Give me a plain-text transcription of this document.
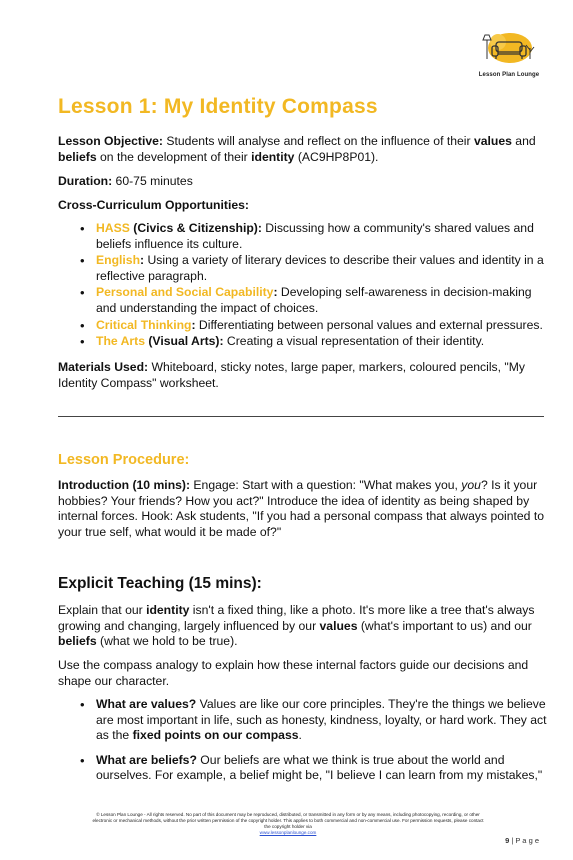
Lesson Plan Lounge
Lesson 1: My Identity Compass
Lesson Objective: Students will analyse and reflect on the influence of their values and beliefs on the development of their identity (AC9HP8P01).
Duration: 60-75 minutes
Cross-Curriculum Opportunities:
• HASS (Civics & Citizenship): Discussing how a community's shared values and beliefs influence its culture.
• English: Using a variety of literary devices to describe their values and identity in a reflective paragraph.
• Personal and Social Capability: Developing self-awareness in decision-making and understanding the impact of choices.
• Critical Thinking: Differentiating between personal values and external pressures.
• The Arts (Visual Arts): Creating a visual representation of their identity.
Materials Used: Whiteboard, sticky notes, large paper, markers, coloured pencils, "My Identity Compass" worksheet.
Lesson Procedure:
Introduction (10 mins): Engage: Start with a question: "What makes you, you? Is it your hobbies? Your friends? How you act?" Introduce the idea of identity as being shaped by internal forces. Hook: Ask students, "If you had a personal compass that always pointed to your true self, what would it be made of?"
Explicit Teaching (15 mins):
Explain that our identity isn't a fixed thing, like a photo. It's more like a tree that's always growing and changing, largely influenced by our values (what's important to us) and our beliefs (what we hold to be true).
Use the compass analogy to explain how these internal factors guide our decisions and shape our character.
• What are values? Values are like our core principles. They're the things we believe are most important in life, such as honesty, kindness, loyalty, or hard work. They act as the fixed points on our compass.
• What are beliefs? Our beliefs are what we think is true about the world and ourselves. For example, a belief might be, "I believe I can learn from my mistakes,"
© Lesson Plan Lounge - All rights reserved. No part of this document may be reproduced, distributed, or transmitted in any form or by any means, including photocopying, recording, or other electronic or mechanical methods, without the prior written permission of the copyright holder. This applies to both commercial and non-commercial use. For permission requests, please contact the copyright holder via
www.lessonplanlounge.com
9 | P a g e
